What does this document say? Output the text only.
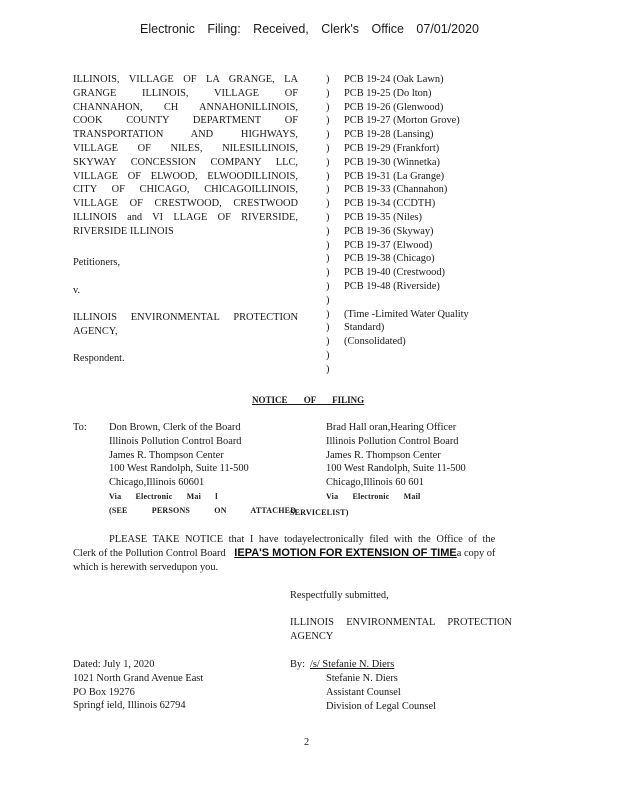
Electronic Filing: Received, Clerk's Office 07/01/2020
ILLINOIS, VILLAGE OF LA GRANGE, LA
GRANGE ILLINOIS, VILLAGE OF
CHANNAHON, CH ANNAHONILLINOIS,
COOK COUNTY DEPARTMENT OF
TRANSPORTATION AND HIGHWAYS,
VILLAGE OF NILES, NILESILLINOIS,
SKYWAY CONCESSION COMPANY LLC,
VILLAGE OF ELWOOD, ELWOODILLINOIS,
CITY OF CHICAGO, CHICAGOILLINOIS,
VILLAGE OF CRESTWOOD, CRESTWOOD
ILLINOIS and VI LLAGE OF RIVERSIDE,
RIVERSIDE ILLINOIS
Petitioners,
v.
ILLINOIS ENVIRONMENTAL PROTECTION
AGENCY,
Respondent.
)
)
)
)
)
)
)
)
)
)
)
)
)
)
)
)
)
)
)
)
)
)
PCB 19-24 (Oak Lawn)
PCB 19-25 (Do lton)
PCB 19-26 (Glenwood)
PCB 19-27 (Morton Grove)
PCB 19-28 (Lansing)
PCB 19-29 (Frankfort)
PCB 19-30 (Winnetka)
PCB 19-31 (La Grange)
PCB 19-33 (Channahon)
PCB 19-34 (CCDTH)
PCB 19-35 (Niles)
PCB 19-36 (Skyway)
PCB 19-37 (Elwood)
PCB 19-38 (Chicago)
PCB 19-40 (Crestwood)
PCB 19-48 (Riverside)
(Time -Limited Water Quality
Standard)
(Consolidated)
NOTICE OF FILING
To: Don Brown, Clerk of the Board
Illinois Pollution Control Board
James R. Thompson Center
100 West Randolph, Suite 11-500
Chicago,Illinois 60601
Via Electronic Mai l
(SEE PERSONS ON ATTACHED
Brad Hall oran,Hearing Officer
Illinois Pollution Control Board
James R. Thompson Center
100 West Randolph, Suite 11-500
Chicago,Illinois 60 601
Via Electronic Mail
SERVICELIST)
PLEASE TAKE NOTICE that I have todayelectronically filed with the Office of the
Clerk of the Pollution Control Board IEPA'S MOTION FOR EXTENSION OF TIMEa copy of
which is herewith servedupon you.
Respectfully submitted,
ILLINOIS ENVIRONMENTAL PROTECTION
AGENCY
Dated: July 1, 2020
1021 North Grand Avenue East
PO Box 19276
Springf ield, Illinois 62794
By: /s/ Stefanie N. Diers
Stefanie N. Diers
Assistant Counsel
Division of Legal Counsel
2
